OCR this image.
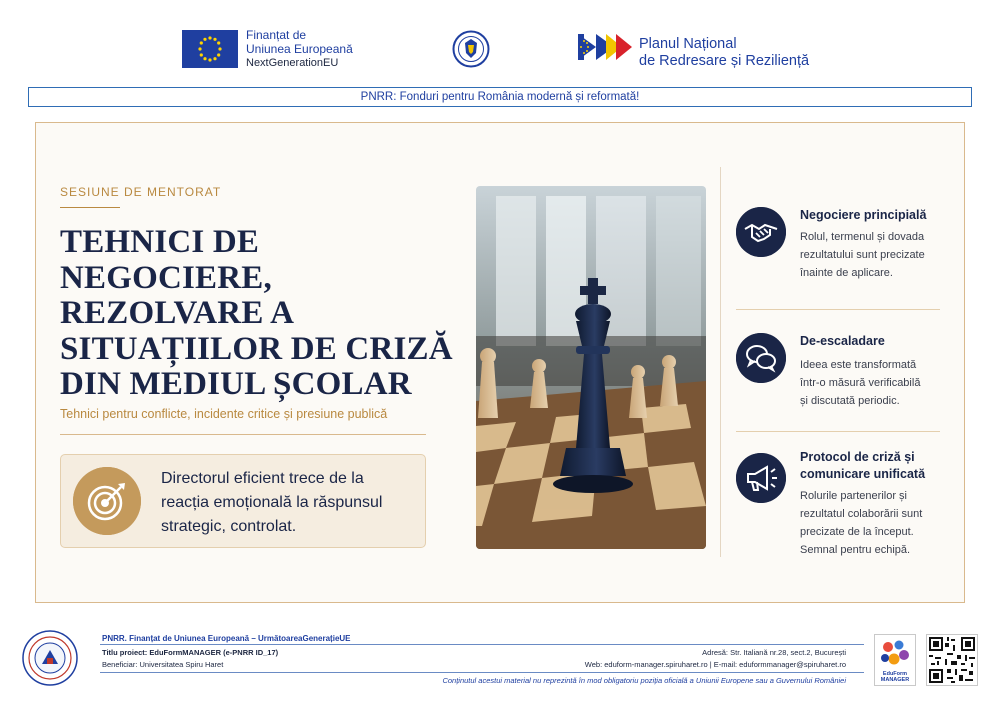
Finanțat de
Uniunea Europeană
NextGenerationEU
Planul Național
de Redresare și Reziliență
PNRR: Fonduri pentru România modernă și reformată!
SESIUNE DE MENTORAT
TEHNICI DE NEGOCIERE,
REZOLVARE A
SITUAȚIILOR DE CRIZĂ
DIN MEDIUL ȘCOLAR
Tehnici pentru conflicte, incidente critice și presiune publică
Directorul eficient trece de la
reacția emoțională la răspunsul
strategic, controlat.
Negociere principială
Rolul, termenul și dovada
rezultatului sunt precizate
înainte de aplicare.
De-escaladare
Ideea este transformată
într-o măsură verificabilă
și discutată periodic.
Protocol de criză și
comunicare unificată
Rolurile partenerilor și
rezultatul colaborării sunt
precizate de la început.
Semnal pentru echipă.
PNRR. Finanțat de Uniunea Europeană – UrmătoareaGenerațieUE
Titlu proiect: EduFormMANAGER (e-PNRR ID_17)
Beneficiar: Universitatea Spiru Haret
Adresă: Str. Italiană nr.28, sect.2, București
Web: eduform-manager.spiruharet.ro | E-mail: eduformmanager@spiruharet.ro
Conținutul acestui material nu reprezintă în mod obligatoriu poziția oficială a Uniunii Europene sau a Guvernului României
EduForm
MANAGER
